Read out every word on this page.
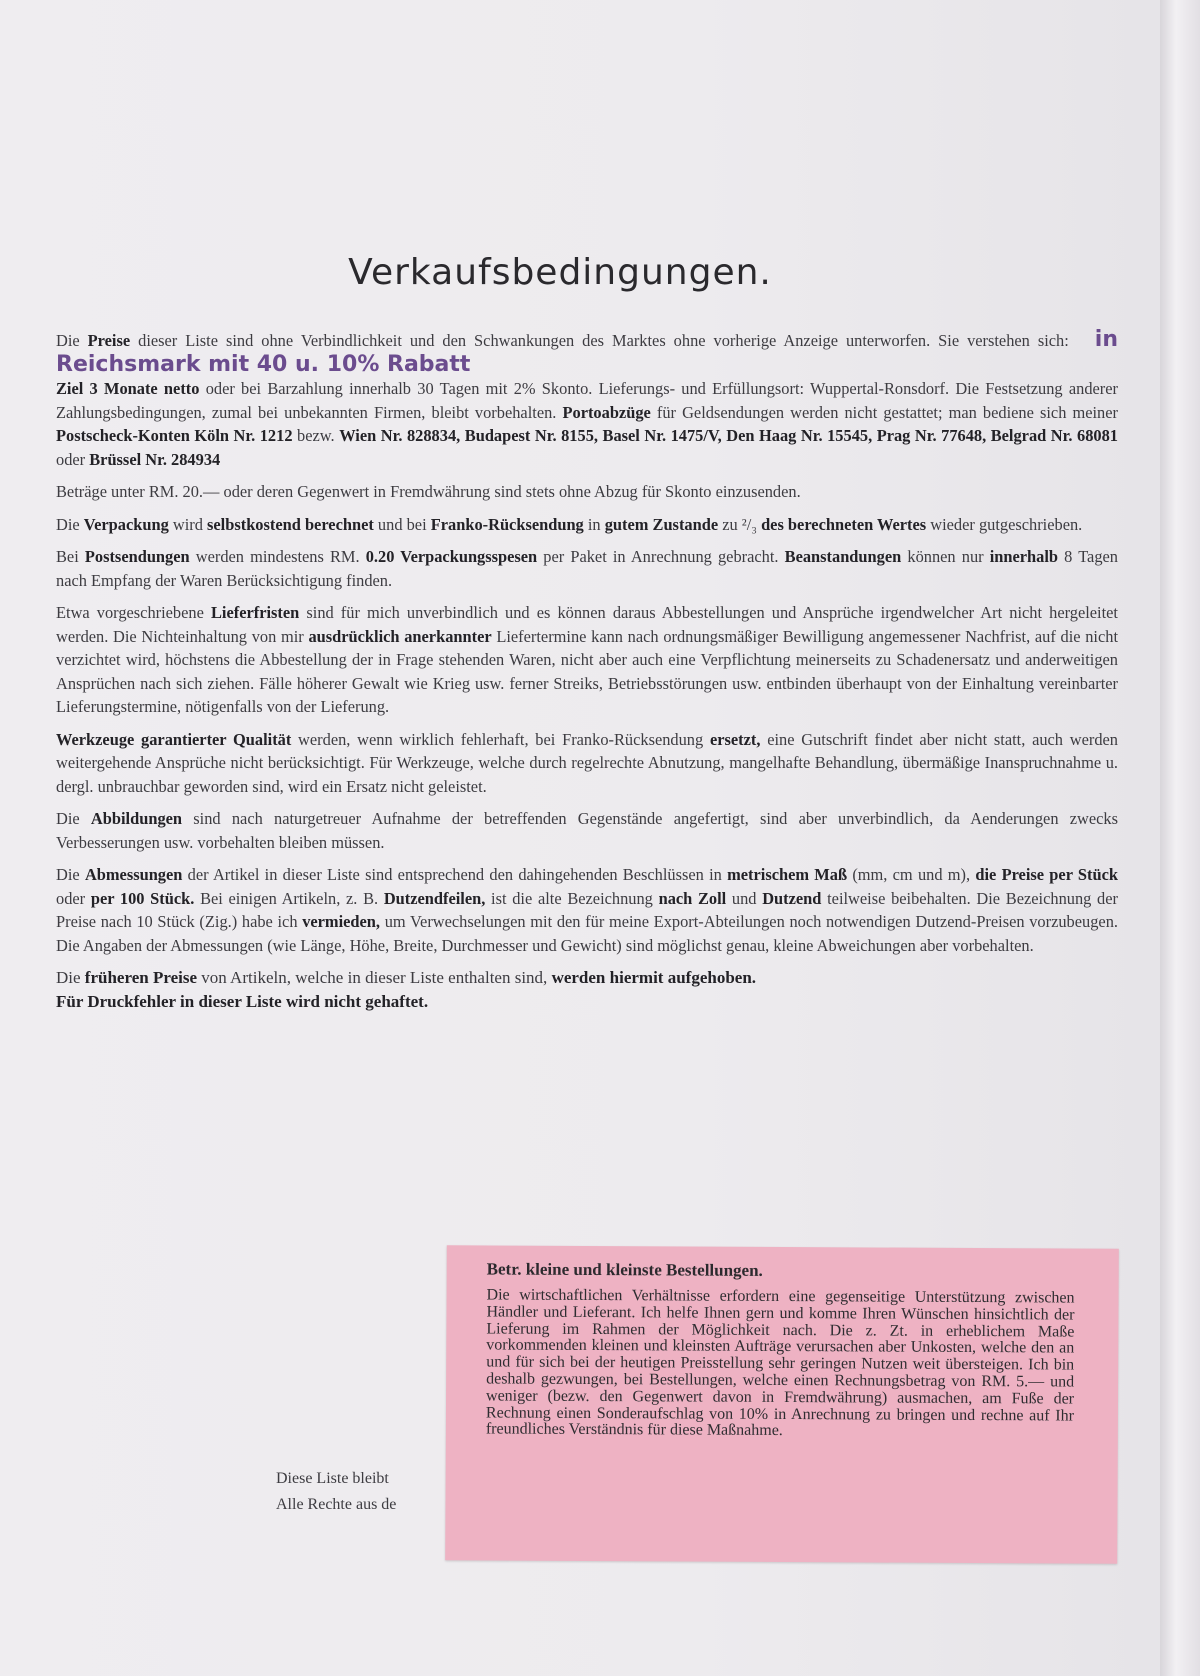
Verkaufsbedingungen.

Die Preise dieser Liste sind ohne Verbindlichkeit und den Schwankungen des Marktes ohne vorherige Anzeige unterworfen. Sie verstehen sich: in Reichsmark mit 40 u. 10% Rabatt
Ziel 3 Monate netto oder bei Barzahlung innerhalb 30 Tagen mit 2% Skonto. Lieferungs- und Erfüllungsort: Wuppertal-Ronsdorf. Die Festsetzung anderer Zahlungsbedingungen, zumal bei unbekannten Firmen, bleibt vorbehalten. Portoabzüge für Geldsendungen werden nicht gestattet; man bediene sich meiner Postscheck-Konten Köln Nr. 1212 bezw. Wien Nr. 828834, Budapest Nr. 8155, Basel Nr. 1475/V, Den Haag Nr. 15545, Prag Nr. 77648, Belgrad Nr. 68081 oder Brüssel Nr. 284934

Beträge unter RM. 20.— oder deren Gegenwert in Fremdwährung sind stets ohne Abzug für Skonto einzusenden.

Die Verpackung wird selbstkostend berechnet und bei Franko-Rücksendung in gutem Zustande zu ²/₃ des berechneten Wertes wieder gutgeschrieben.

Bei Postsendungen werden mindestens RM. 0.20 Verpackungsspesen per Paket in Anrechnung gebracht. Beanstandungen können nur innerhalb 8 Tagen nach Empfang der Waren Berücksichtigung finden.

Etwa vorgeschriebene Lieferfristen sind für mich unverbindlich und es können daraus Abbestellungen und Ansprüche irgendwelcher Art nicht hergeleitet werden. Die Nichteinhaltung von mir ausdrücklich anerkannter Liefertermine kann nach ordnungsmäßiger Bewilligung angemessener Nachfrist, auf die nicht verzichtet wird, höchstens die Abbestellung der in Frage stehenden Waren, nicht aber auch eine Verpflichtung meinerseits zu Schadenersatz und anderweitigen Ansprüchen nach sich ziehen. Fälle höherer Gewalt wie Krieg usw. ferner Streiks, Betriebsstörungen usw. entbinden überhaupt von der Einhaltung vereinbarter Lieferungstermine, nötigenfalls von der Lieferung.

Werkzeuge garantierter Qualität werden, wenn wirklich fehlerhaft, bei Franko-Rücksendung ersetzt, eine Gutschrift findet aber nicht statt, auch werden weitergehende Ansprüche nicht berücksichtigt. Für Werkzeuge, welche durch regelrechte Abnutzung, mangelhafte Behandlung, übermäßige Inanspruchnahme u. dergl. unbrauchbar geworden sind, wird ein Ersatz nicht geleistet.

Die Abbildungen sind nach naturgetreuer Aufnahme der betreffenden Gegenstände angefertigt, sind aber unverbindlich, da Aenderungen zwecks Verbesserungen usw. vorbehalten bleiben müssen.

Die Abmessungen der Artikel in dieser Liste sind entsprechend den dahingehenden Beschlüssen in metrischem Maß (mm, cm und m), die Preise per Stück oder per 100 Stück. Bei einigen Artikeln, z. B. Dutzendfeilen, ist die alte Bezeichnung nach Zoll und Dutzend teilweise beibehalten. Die Bezeichnung der Preise nach 10 Stück (Zig.) habe ich vermieden, um Verwechselungen mit den für meine Export-Abteilungen noch notwendigen Dutzend-Preisen vorzubeugen. Die Angaben der Abmessungen (wie Länge, Höhe, Breite, Durchmesser und Gewicht) sind möglichst genau, kleine Abweichungen aber vorbehalten.

Die früheren Preise von Artikeln, welche in dieser Liste enthalten sind, werden hiermit aufgehoben.
Für Druckfehler in dieser Liste wird nicht gehaftet.

Diese Liste bleibt
Alle Rechte aus de
Betr. kleine und kleinste Bestellungen.
Die wirtschaftlichen Verhältnisse erfordern eine gegenseitige Unterstützung zwischen Händler und Lieferant. Ich helfe Ihnen gern und komme Ihren Wünschen hinsichtlich der Lieferung im Rahmen der Möglichkeit nach. Die z. Zt. in erheblichem Maße vorkommenden kleinen und kleinsten Aufträge verursachen aber Unkosten, welche den an und für sich bei der heutigen Preisstellung sehr geringen Nutzen weit übersteigen. Ich bin deshalb gezwungen, bei Bestellungen, welche einen Rechnungsbetrag von RM. 5.— und weniger (bezw. den Gegenwert davon in Fremdwährung) ausmachen, am Fuße der Rechnung einen Sonderaufschlag von 10% in Anrechnung zu bringen und rechne auf Ihr freundliches Verständnis für diese Maßnahme.
